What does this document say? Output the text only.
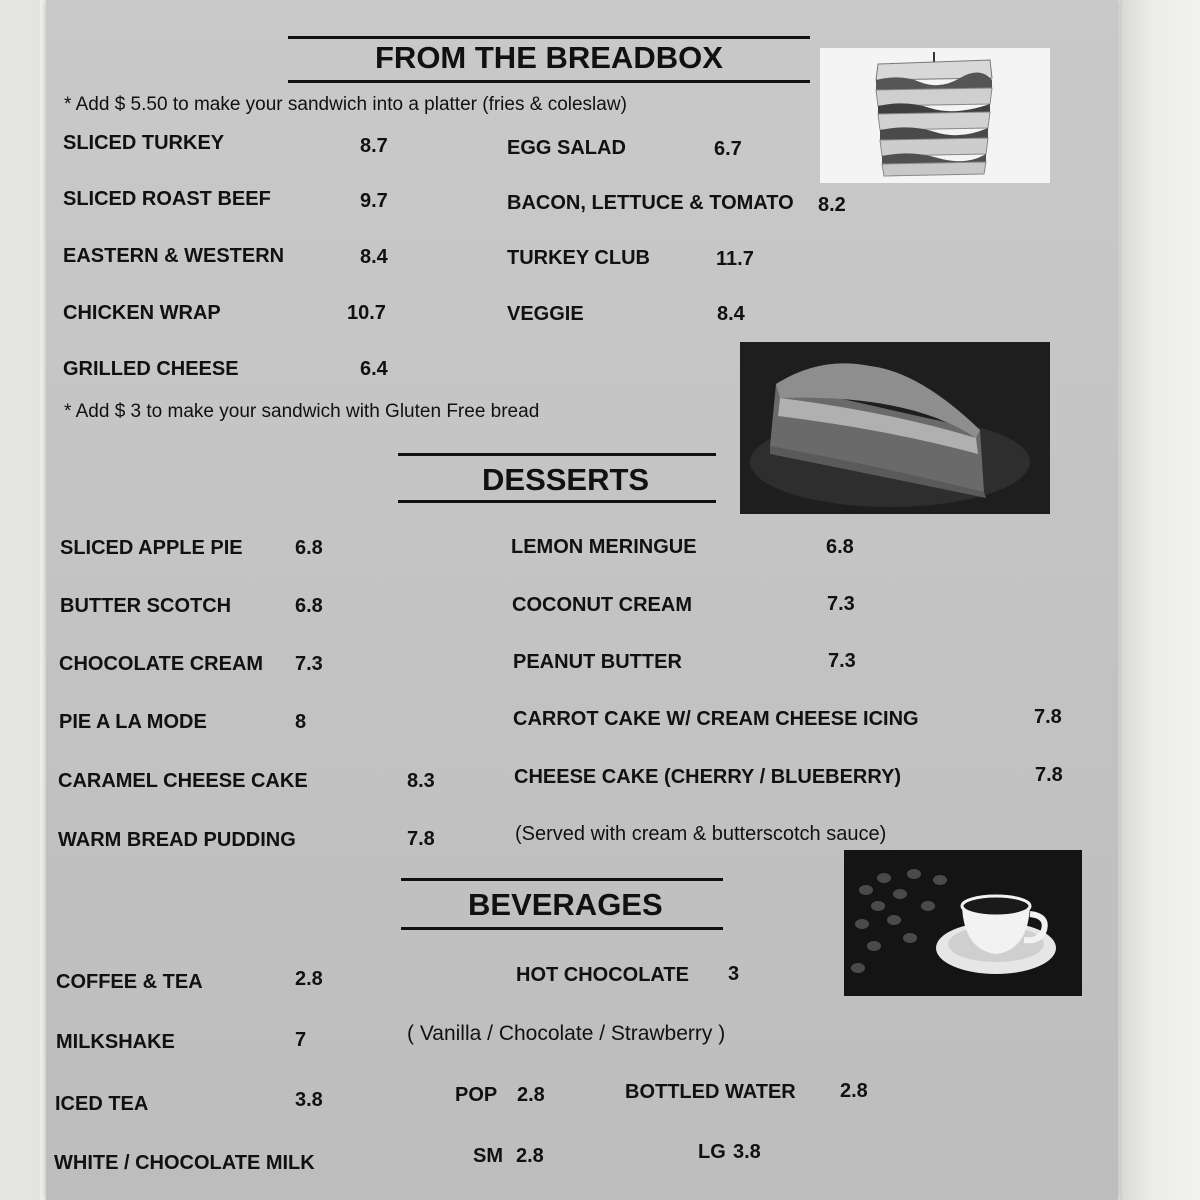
FROM THE BREADBOX
* Add $ 5.50 to make your sandwich into a platter (fries & coleslaw)
SLICED TURKEY	8.7
SLICED ROAST BEEF	9.7
EASTERN & WESTERN	8.4
CHICKEN WRAP	10.7
GRILLED CHEESE	6.4
EGG SALAD	6.7
BACON, LETTUCE & TOMATO 8.2
TURKEY CLUB	11.7
VEGGIE	8.4
* Add $ 3 to make your sandwich with Gluten Free bread
DESSERTS
SLICED APPLE PIE	6.8
BUTTER SCOTCH	6.8
CHOCOLATE CREAM 7.3
PIE A LA MODE	8
CARAMEL CHEESE CAKE	8.3
WARM BREAD PUDDING	7.8
LEMON MERINGUE	6.8
COCONUT CREAM	7.3
PEANUT BUTTER	7.3
CARROT CAKE W/ CREAM CHEESE ICING	7.8
CHEESE CAKE (CHERRY / BLUEBERRY)	7.8
(Served with cream & butterscotch sauce)
BEVERAGES
COFFEE & TEA	2.8	HOT CHOCOLATE 3
MILKSHAKE	7	( Vanilla / Chocolate / Strawberry )
ICED TEA	3.8	POP 2.8	BOTTLED WATER 2.8
WHITE / CHOCOLATE MILK	SM 2.8	LG 3.8
